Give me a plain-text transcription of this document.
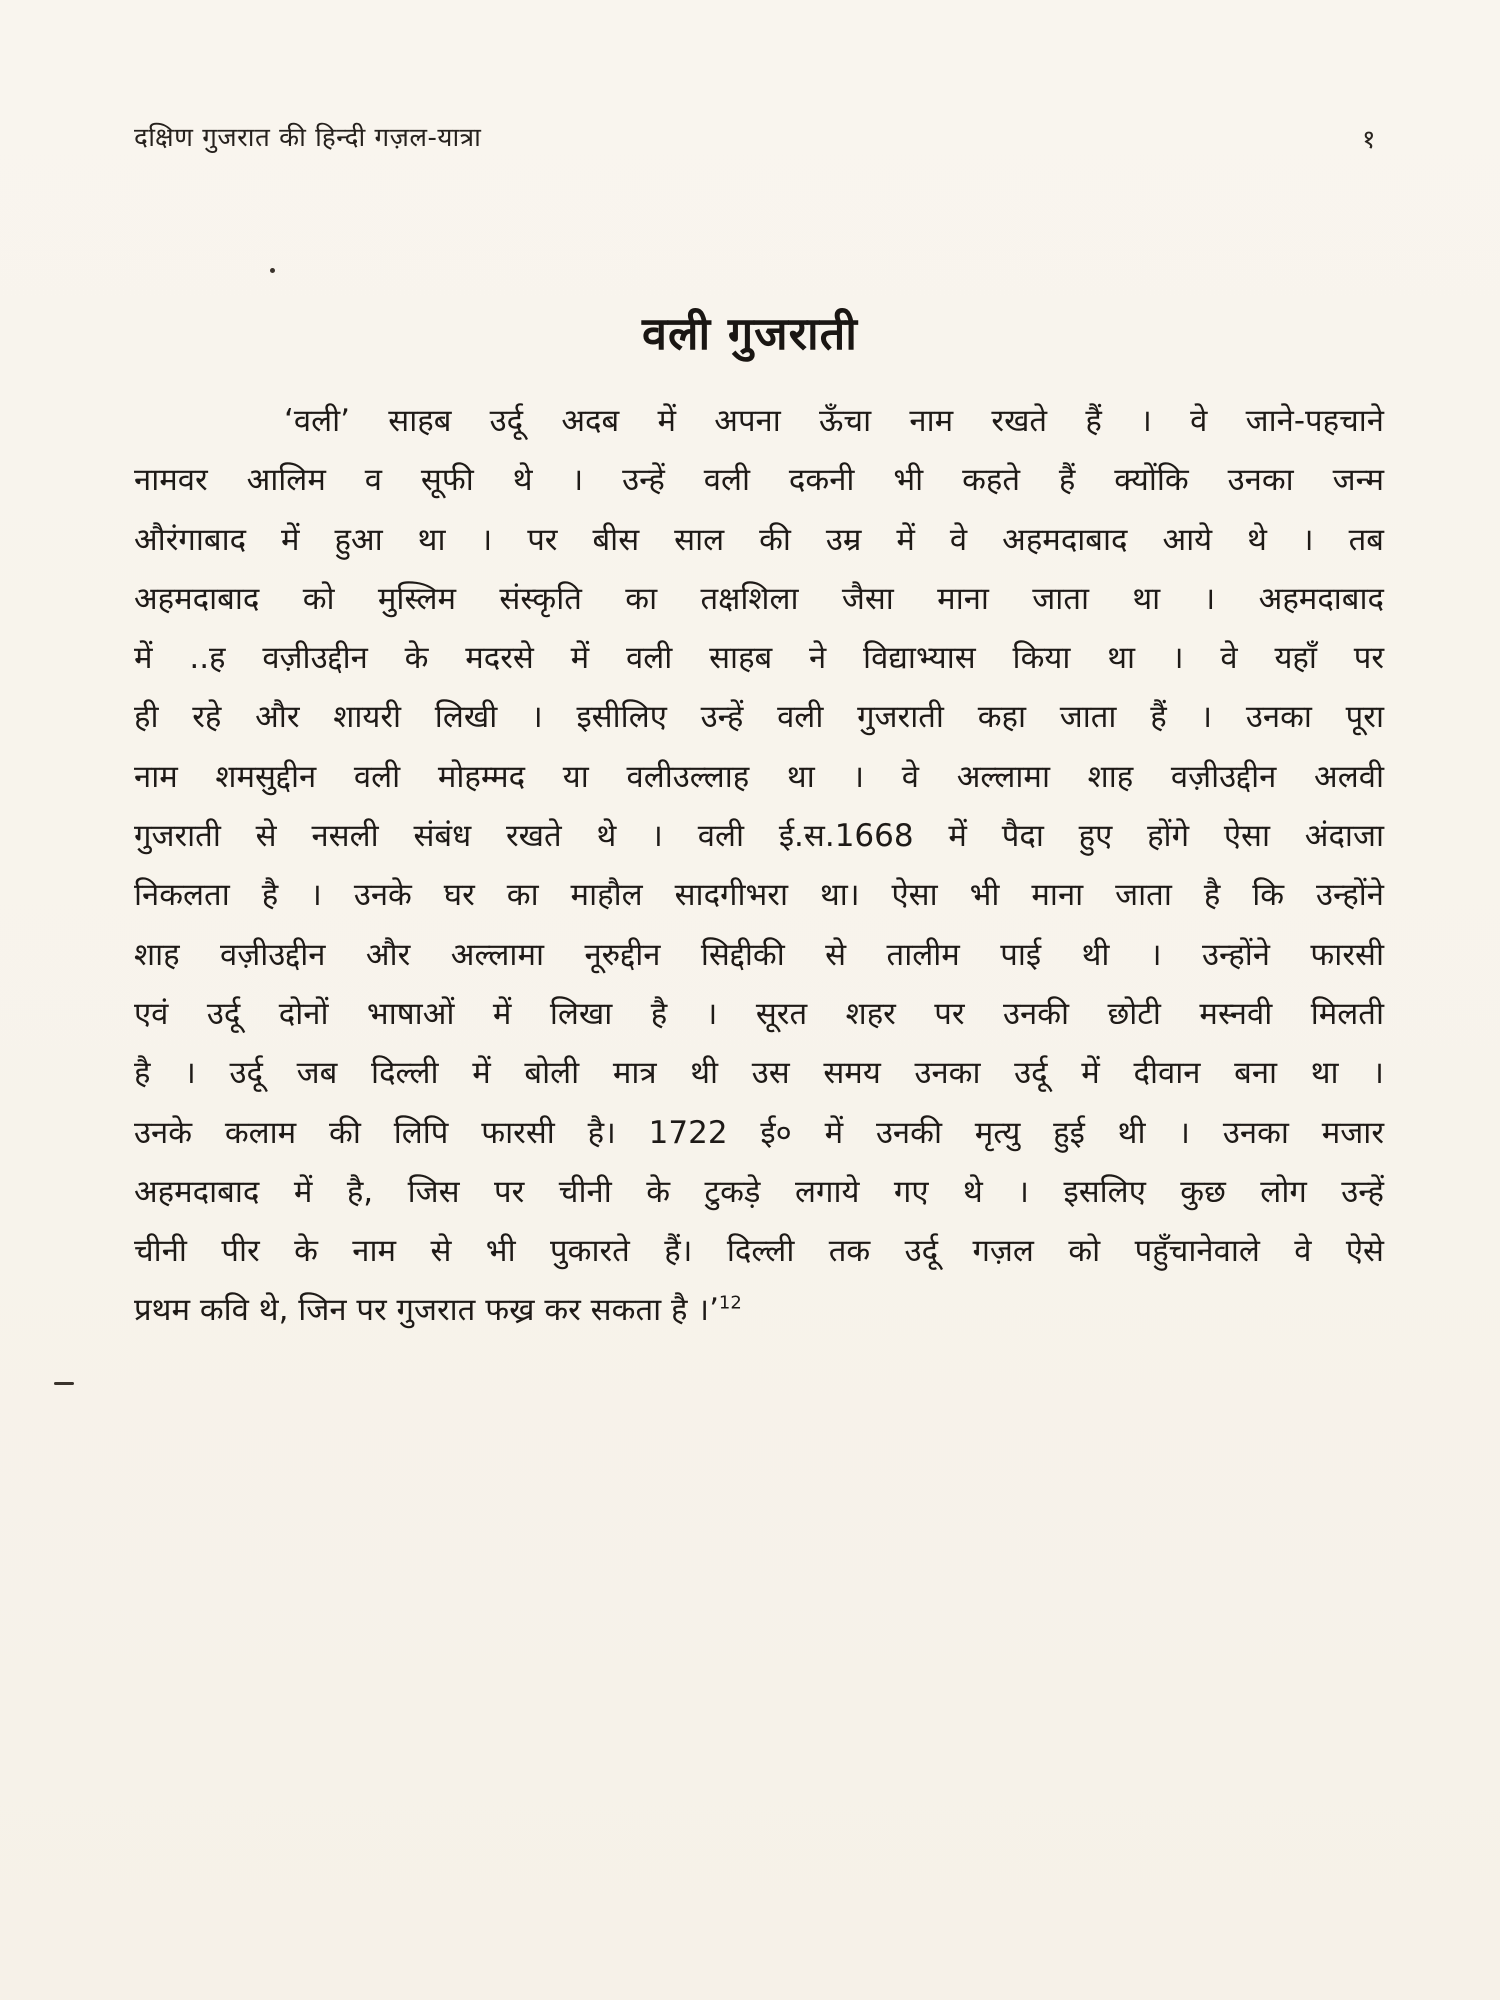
दक्षिण गुजरात की हिन्दी गज़ल-यात्रा	१
वली गुजराती
‘वली’ साहब उर्दू अदब में अपना ऊँचा नाम रखते हैं । वे जाने-पहचाने
नामवर आलिम व सूफी थे । उन्हें वली दकनी भी कहते हैं क्योंकि उनका जन्म
औरंगाबाद में हुआ था । पर बीस साल की उम्र में वे अहमदाबाद आये थे । तब
अहमदाबाद को मुस्लिम संस्कृति का तक्षशिला जैसा माना जाता था । अहमदाबाद
में ..ह वज़ीउद्दीन के मदरसे में वली साहब ने विद्याभ्यास किया था । वे यहाँ पर
ही रहे और शायरी लिखी । इसीलिए उन्हें वली गुजराती कहा जाता हैं । उनका पूरा
नाम शमसुद्दीन वली मोहम्मद या वलीउल्लाह था । वे अल्लामा शाह वज़ीउद्दीन अलवी
गुजराती से नसली संबंध रखते थे । वली ई.स.1668 में पैदा हुए होंगे ऐसा अंदाजा
निकलता है । उनके घर का माहौल सादगीभरा था। ऐसा भी माना जाता है कि उन्होंने
शाह वज़ीउद्दीन और अल्लामा नूरुद्दीन सिद्दीकी से तालीम पाई थी । उन्होंने फारसी
एवं उर्दू दोनों भाषाओं में लिखा है । सूरत शहर पर उनकी छोटी मस्नवी मिलती
है । उर्दू जब दिल्ली में बोली मात्र थी उस समय उनका उर्दू में दीवान बना था ।
उनके कलाम की लिपि फारसी है। 1722 ई० में उनकी मृत्यु हुई थी । उनका मजार
अहमदाबाद में है, जिस पर चीनी के टुकड़े लगाये गए थे । इसलिए कुछ लोग उन्हें
चीनी पीर के नाम से भी पुकारते हैं। दिल्ली तक उर्दू गज़ल को पहुँचानेवाले वे ऐसे
प्रथम कवि थे, जिन पर गुजरात फख्र कर सकता है ।’$^{12}$
